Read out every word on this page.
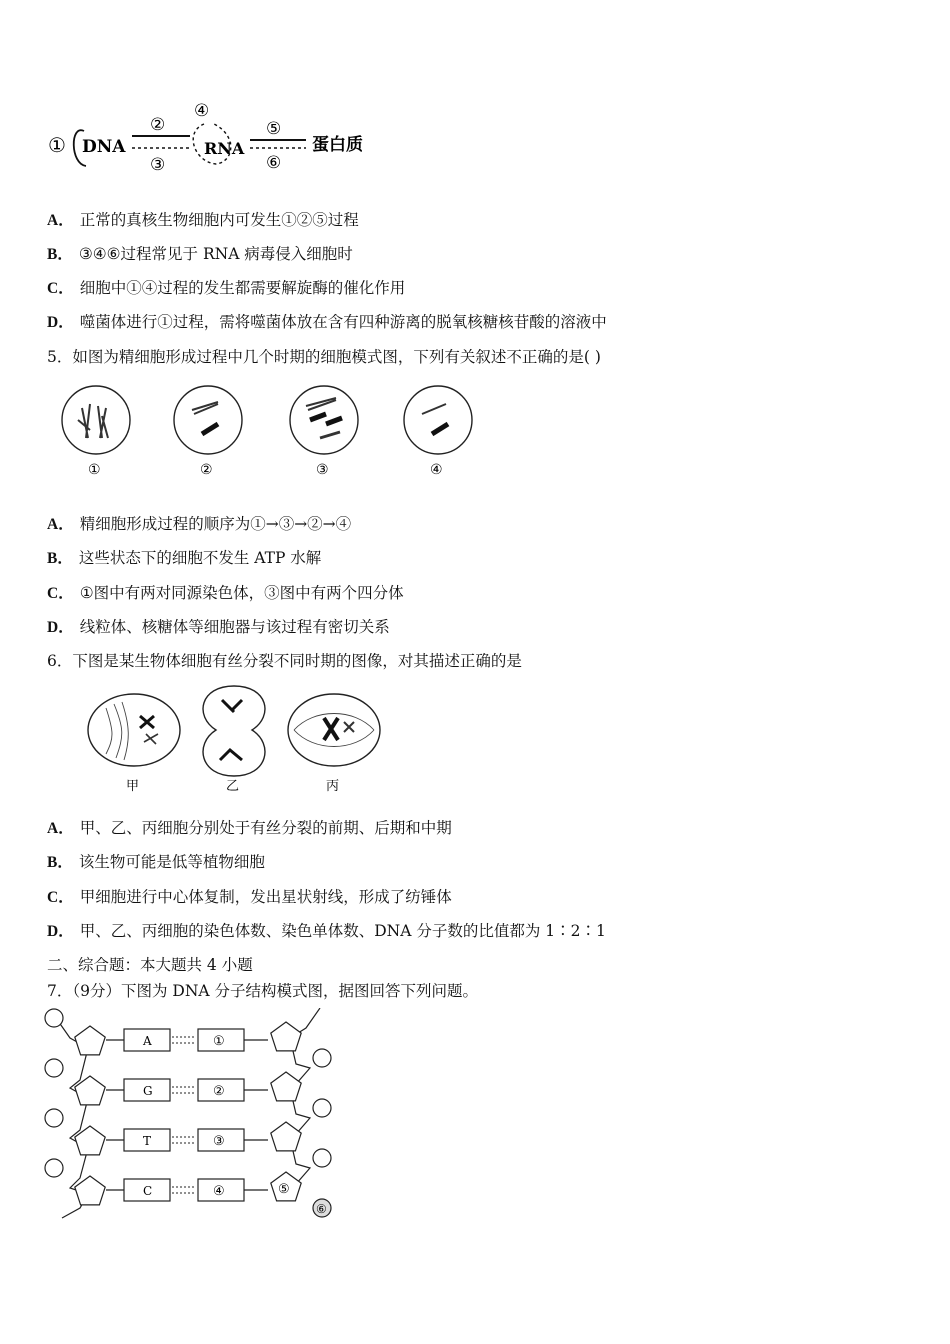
① DNA
②
③
④
RNA
⑤
⑥
蛋白质
A． 正常的真核生物细胞内可发生①②⑤过程
B． ③④⑥过程常见于 RNA 病毒侵入细胞时
C． 细胞中①④过程的发生都需要解旋酶的催化作用
D． 噬菌体进行①过程，需将噬菌体放在含有四种游离的脱氧核糖核苷酸的溶液中
5．如图为精细胞形成过程中几个时期的细胞模式图，下列有关叙述不正确的是( )
①	②	③	④
A． 精细胞形成过程的顺序为①→③→②→④
B． 这些状态下的细胞不发生 ATP 水解
C． ①图中有两对同源染色体，③图中有两个四分体
D． 线粒体、核糖体等细胞器与该过程有密切关系
6．下图是某生物体细胞有丝分裂不同时期的图像，对其描述正确的是
甲	乙	丙
A． 甲、乙、丙细胞分别处于有丝分裂的前期、后期和中期
B． 该生物可能是低等植物细胞
C． 甲细胞进行中心体复制，发出星状射线，形成了纺锤体
D． 甲、乙、丙细胞的染色体数、染色单体数、DNA 分子数的比值都为 1∶2∶1
二、综合题：本大题共 4 小题
7．（9分）下图为 DNA 分子结构模式图，据图回答下列问题。
A	①
G	②
T	③
C	④	⑤
⑥
